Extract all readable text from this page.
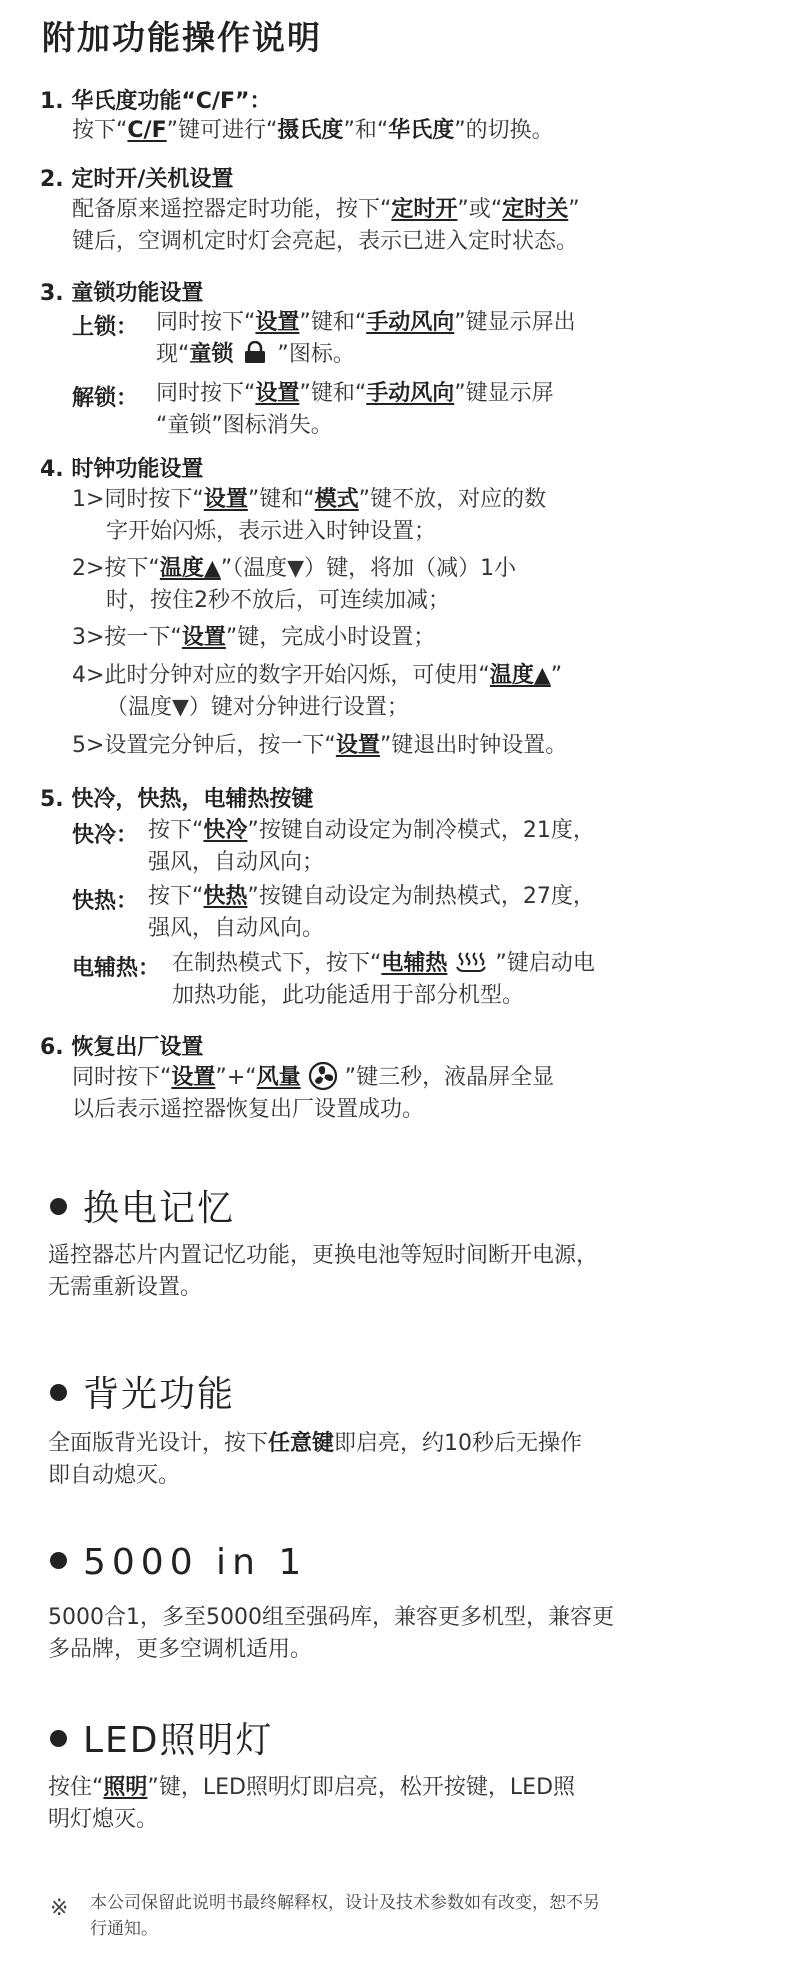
附加功能操作说明
1. 华氏度功能“C/F”：
按下“C/F”键可进行“摄氏度”和“华氏度”的切换。
2. 定时开/关机设置
配备原来遥控器定时功能，按下“定时开”或“定时关”
键后，空调机定时灯会亮起，表示已进入定时状态。
3. 童锁功能设置
上锁： 同时按下“设置”键和“手动风向”键显示屏出
现“童锁 ”图标。
解锁： 同时按下“设置”键和“手动风向”键显示屏
“童锁”图标消失。
4. 时钟功能设置
1>同时按下“设置”键和“模式”键不放，对应的数
字开始闪烁，表示进入时钟设置；
2>按下“温度▲”（温度▼）键，将加（减）1小
时，按住2秒不放后，可连续加减；
3>按一下“设置”键，完成小时设置；
4>此时分钟对应的数字开始闪烁，可使用“温度▲”
（温度▼）键对分钟进行设置；
5>设置完分钟后，按一下“设置”键退出时钟设置。
5. 快冷，快热，电辅热按键
快冷： 按下“快冷”按键自动设定为制冷模式，21度，
强风，自动风向；
快热： 按下“快热”按键自动设定为制热模式，27度，
强风，自动风向。
电辅热： 在制热模式下，按下“电辅热 ”键启动电
加热功能，此功能适用于部分机型。
6. 恢复出厂设置
同时按下“设置”+“风量 ”键三秒，液晶屏全显
以后表示遥控器恢复出厂设置成功。
换电记忆
遥控器芯片内置记忆功能，更换电池等短时间断开电源，
无需重新设置。
背光功能
全面版背光设计，按下任意键即启亮，约10秒后无操作
即自动熄灭。
5000 in 1
5000合1，多至5000组至强码库，兼容更多机型，兼容更
多品牌，更多空调机适用。
LED照明灯
按住“照明”键，LED照明灯即启亮，松开按键，LED照
明灯熄灭。
※ 本公司保留此说明书最终解释权，设计及技术参数如有改变，恕不另
行通知。
